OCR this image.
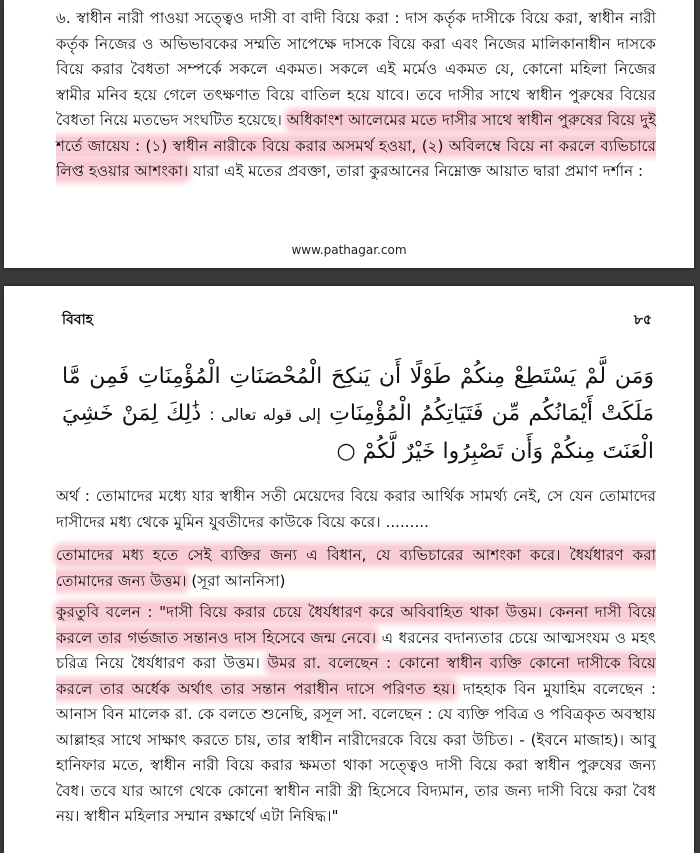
৬. স্বাধীন নারী পাওয়া সত্ত্বেও দাসী বা বাদী বিয়ে করা : দাস কর্তৃক দাসীকে বিয়ে করা, স্বাধীন নারী কর্তৃক নিজের ও অভিভাবকের সম্মতি সাপেক্ষে দাসকে বিয়ে করা এবং নিজের মালিকানাধীন দাসকে বিয়ে করার বৈধতা সম্পর্কে সকলে একমত। সকলে এই মর্মেও একমত যে, কোনো মহিলা নিজের স্বামীর মনিব হয়ে গেলে তৎক্ষণাত বিয়ে বাতিল হয়ে যাবে। তবে দাসীর সাথে স্বাধীন পুরুষের বিয়ের বৈধতা নিয়ে মতভেদ সংঘটিত হয়েছে। অধিকাংশ আলেমের মতে দাসীর সাথে স্বাধীন পুরুষের বিয়ে দুই শর্তে জায়েয : (১) স্বাধীন নারীকে বিয়ে করার অসমর্থ হওয়া, (২) অবিলম্বে বিয়ে না করলে ব্যভিচারে লিপ্ত হওয়ার আশংকা। যারা এই মতের প্রবক্তা, তারা কুরআনের নিম্নোক্ত আয়াত দ্বারা প্রমাণ দর্শান :

www.pathagar.com
বিবাহ	৮৫

وَمَن لَّمْ يَسْتَطِعْ مِنكُمْ طَوْلًا أَن يَنكِحَ الْمُحْصَنَاتِ الْمُؤْمِنَاتِ فَمِن مَّا مَلَكَتْ أَيْمَانُكُم مِّن فَتَيَاتِكُمُ الْمُؤْمِنَاتِ إلى قوله تعالى : ذَٰلِكَ لِمَنْ خَشِيَ الْعَنَتَ مِنكُمْ وَأَن تَصْبِرُوا خَيْرٌ لَّكُمْ ○

অর্থ : তোমাদের মধ্যে যার স্বাধীন সতী মেয়েদের বিয়ে করার আর্থিক সামর্থ্য নেই, সে যেন তোমাদের দাসীদের মধ্য থেকে মুমিন যুবতীদের কাউকে বিয়ে করে। .........

তোমাদের মধ্য হতে সেই ব্যক্তির জন্য এ বিধান, যে ব্যভিচারের আশংকা করে। ধৈর্যধারণ করা তোমাদের জন্য উত্তম। (সূরা আননিসা)

কুরতুবি বলেন : "দাসী বিয়ে করার চেয়ে ধৈর্যধারণ করে অবিবাহিত থাকা উত্তম। কেননা দাসী বিয়ে করলে তার গর্ভজাত সন্তানও দাস হিসেবে জন্ম নেবে। এ ধরনের বদান্যতার চেয়ে আত্মসংযম ও মহৎ চরিত্র নিয়ে ধৈর্যধারণ করা উত্তম। উমর রা. বলেছেন : কোনো স্বাধীন ব্যক্তি কোনো দাসীকে বিয়ে করলে তার অর্ধেক অর্থাৎ তার সন্তান পরাধীন দাসে পরিণত হয়। দাহহাক বিন মুযাহিম বলেছেন : আনাস বিন মালেক রা. কে বলতে শুনেছি, রসূল সা. বলেছেন : যে ব্যক্তি পবিত্র ও পবিত্রকৃত অবস্থায় আল্লাহর সাথে সাক্ষাৎ করতে চায়, তার স্বাধীন নারীদেরকে বিয়ে করা উচিত। - (ইবনে মাজাহ)। আবু হানিফার মতে, স্বাধীন নারী বিয়ে করার ক্ষমতা থাকা সত্ত্বেও দাসী বিয়ে করা স্বাধীন পুরুষের জন্য বৈধ। তবে যার আগে থেকে কোনো স্বাধীন নারী স্ত্রী হিসেবে বিদ্যমান, তার জন্য দাসী বিয়ে করা বৈধ নয়। স্বাধীন মহিলার সম্মান রক্ষার্থে এটা নিষিদ্ধ।"
